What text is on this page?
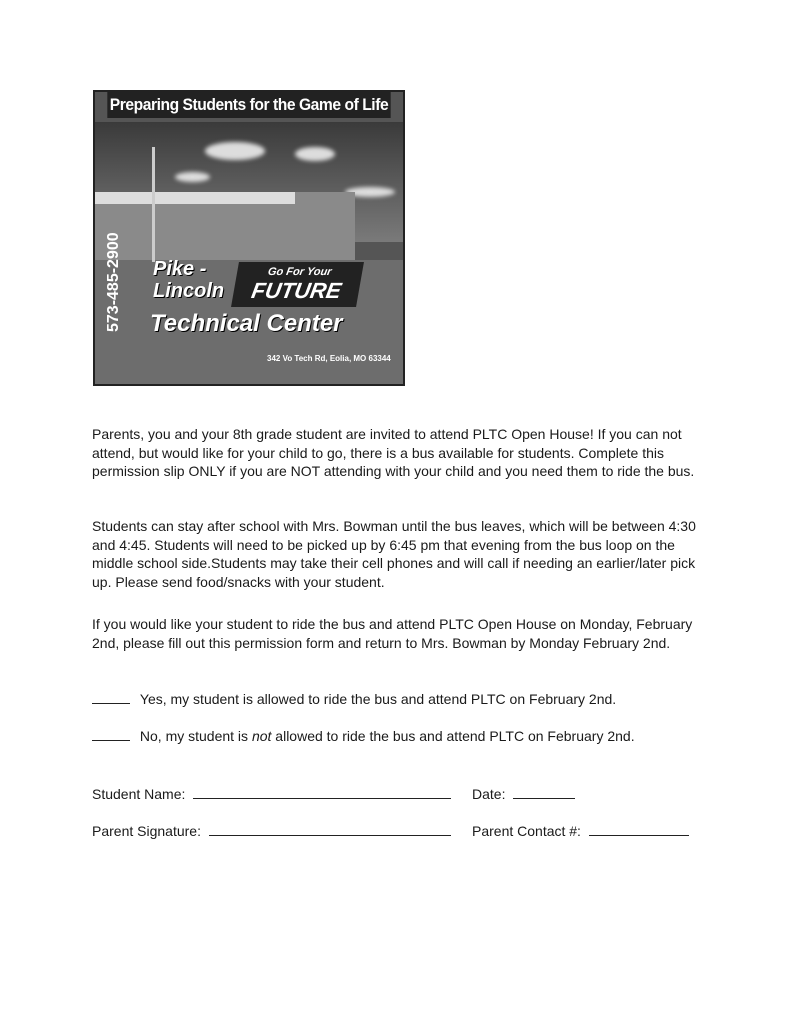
Preparing Students for the Game of Life
573-485-2900 Pike -
Lincoln
Go For Your
FUTURE
Technical Center
342 Vo Tech Rd, Eolia, MO 63344

Parents, you and your 8th grade student are invited to attend PLTC Open House! If you can not attend, but would like for your child to go, there is a bus available for students. Complete this permission slip ONLY if you are NOT attending with your child and you need them to ride the bus.

Students can stay after school with Mrs. Bowman until the bus leaves, which will be between 4:30 and 4:45. Students will need to be picked up by 6:45 pm that evening from the bus loop on the middle school side.Students may take their cell phones and will call if needing an earlier/later pick up. Please send food/snacks with your student.

If you would like your student to ride the bus and attend PLTC Open House on Monday, February 2nd, please fill out this permission form and return to Mrs. Bowman by Monday February 2nd.

Yes, my student is allowed to ride the bus and attend PLTC on February 2nd.
No, my student is not allowed to ride the bus and attend PLTC on February 2nd.
Student Name:	Date:
Parent Signature:	Parent Contact #:
